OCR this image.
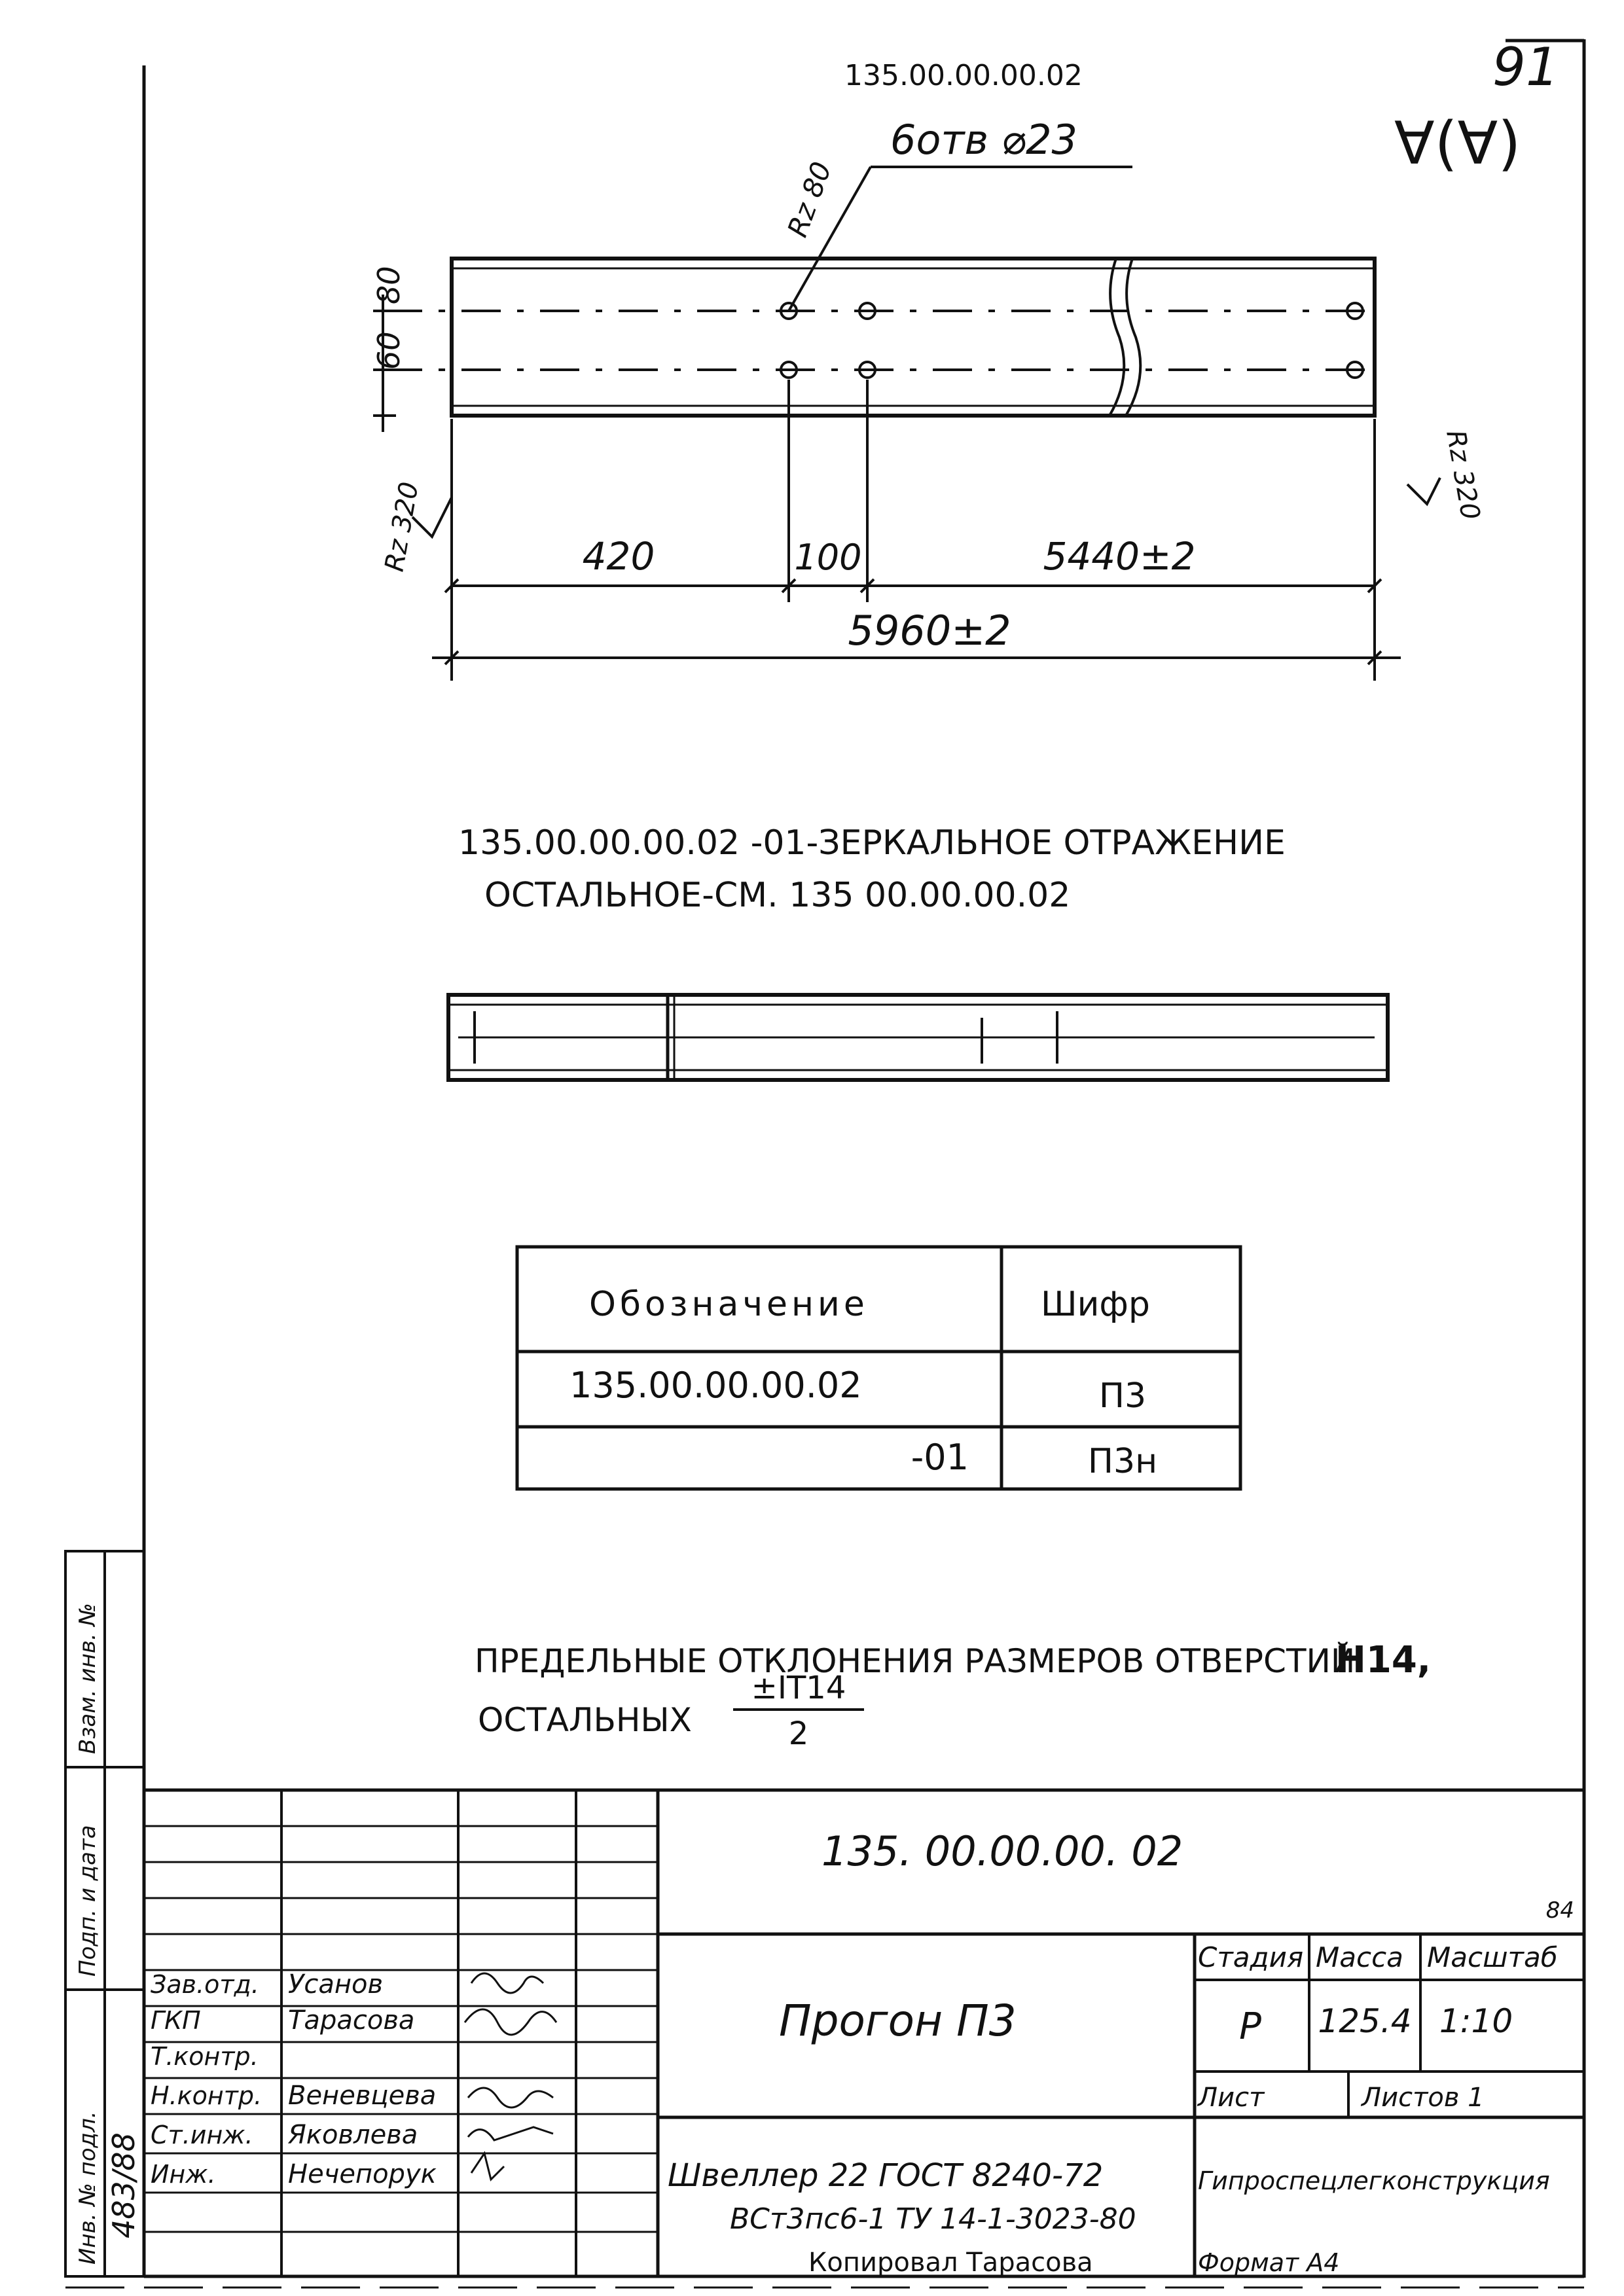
135.00.00.00.02	91
∀(∀)
6отв ⌀23
Rz 80
60
80
Rz 320
Rz 320
420	100	5440±2
5960±2
135.00.00.00.02 -01-ЗЕРКАЛЬНОЕ ОТРАЖЕНИЕ
ОСТАЛЬНОЕ-СМ. 135 00.00.00.02
Обозначение	Шифр
135.00.00.00.02	П3
-01	П3н
ПРЕДЕЛЬНЫЕ ОТКЛОНЕНИЯ РАЗМЕРОВ ОТВЕРСТИЙ
H14,
ОСТАЛЬНЫХ
±IT14
2
135. 00.00.00. 02
84
Прогон П3
Стадия Масса Масштаб
Р 125.4 1:10
Лист	Листов 1
Швеллер 22 ГОСТ 8240-72
ВСт3пс6-1 ТУ 14-1-3023-80
Гипроспецлегконструкция
Зав.отд. Усанов
ГКП	Тарасова
Т.контр.
Н.контр. Веневцева
Ст.инж. Яковлева
Инж.	Нечепорук
Копировал Тарасова	Формат А4
Инв. № подл. 483/88
Подп. и дата
Взам. инв. №
